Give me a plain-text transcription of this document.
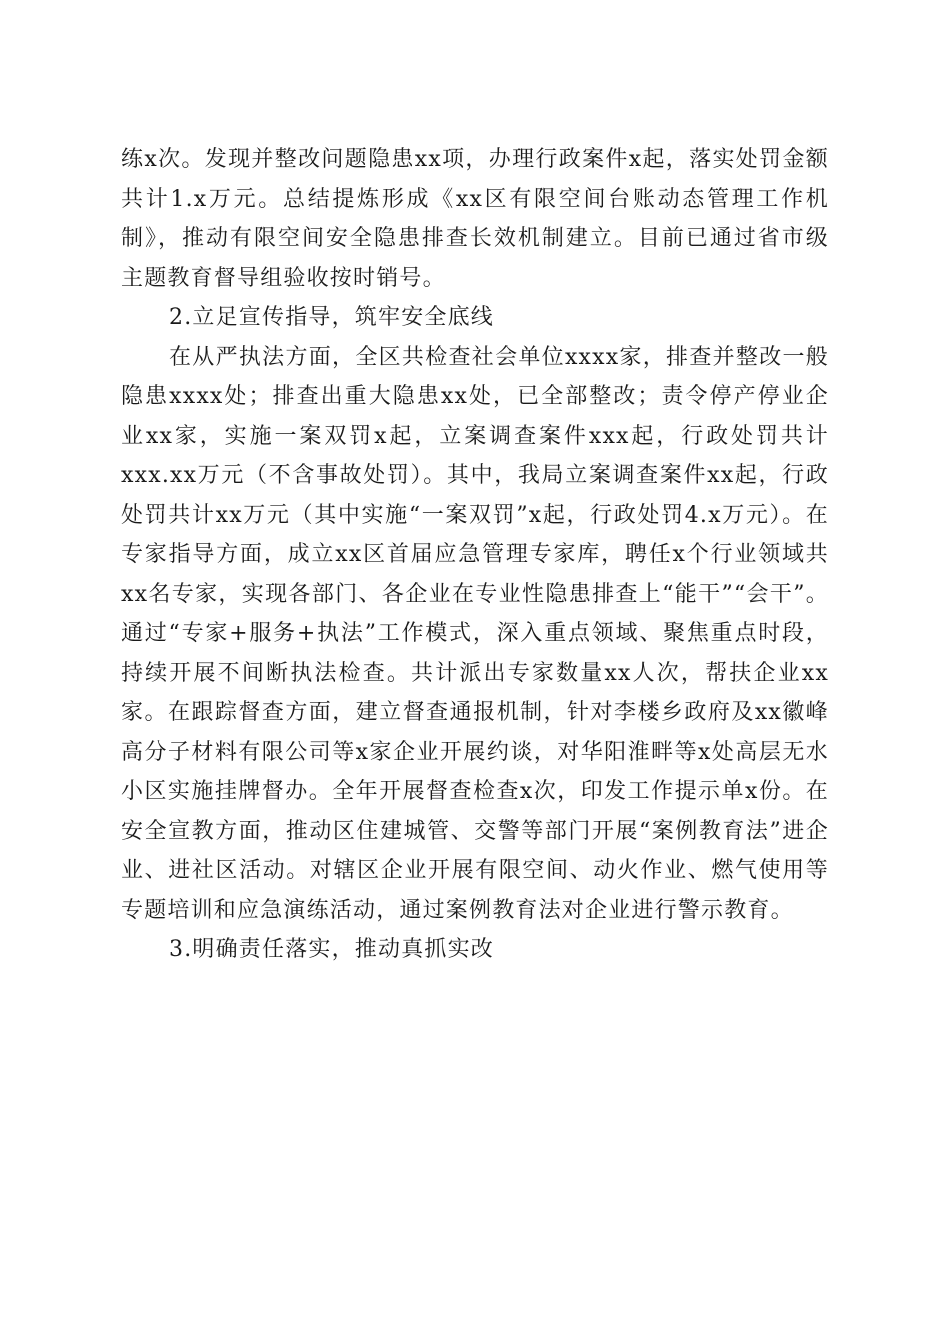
练x次。发现并整改问题隐患xx项，办理行政案件x起，落实处罚金额共计1.x万元。总结提炼形成《xx区有限空间台账动态管理工作机制》，推动有限空间安全隐患排查长效机制建立。目前已通过省市级主题教育督导组验收按时销号。

2.立足宣传指导，筑牢安全底线

在从严执法方面，全区共检查社会单位xxxx家，排查并整改一般隐患xxxx处；排查出重大隐患xx处，已全部整改；责令停产停业企业xx家，实施一案双罚x起，立案调查案件xxx起，行政处罚共计xxx.xx万元（不含事故处罚）。其中，我局立案调查案件xx起，行政处罚共计xx万元（其中实施“一案双罚”x起，行政处罚4.x万元）。在专家指导方面，成立xx区首届应急管理专家库，聘任x个行业领域共xx名专家，实现各部门、各企业在专业性隐患排查上“能干”“会干”。通过“专家+服务+执法”工作模式，深入重点领域、聚焦重点时段，持续开展不间断执法检查。共计派出专家数量xx人次，帮扶企业xx家。在跟踪督查方面，建立督查通报机制，针对李楼乡政府及xx徽峰高分子材料有限公司等x家企业开展约谈，对华阳淮畔等x处高层无水小区实施挂牌督办。全年开展督查检查x次，印发工作提示单x份。在安全宣教方面，推动区住建城管、交警等部门开展“案例教育法”进企业、进社区活动。对辖区企业开展有限空间、动火作业、燃气使用等专题培训和应急演练活动，通过案例教育法对企业进行警示教育。

3.明确责任落实，推动真抓实改
